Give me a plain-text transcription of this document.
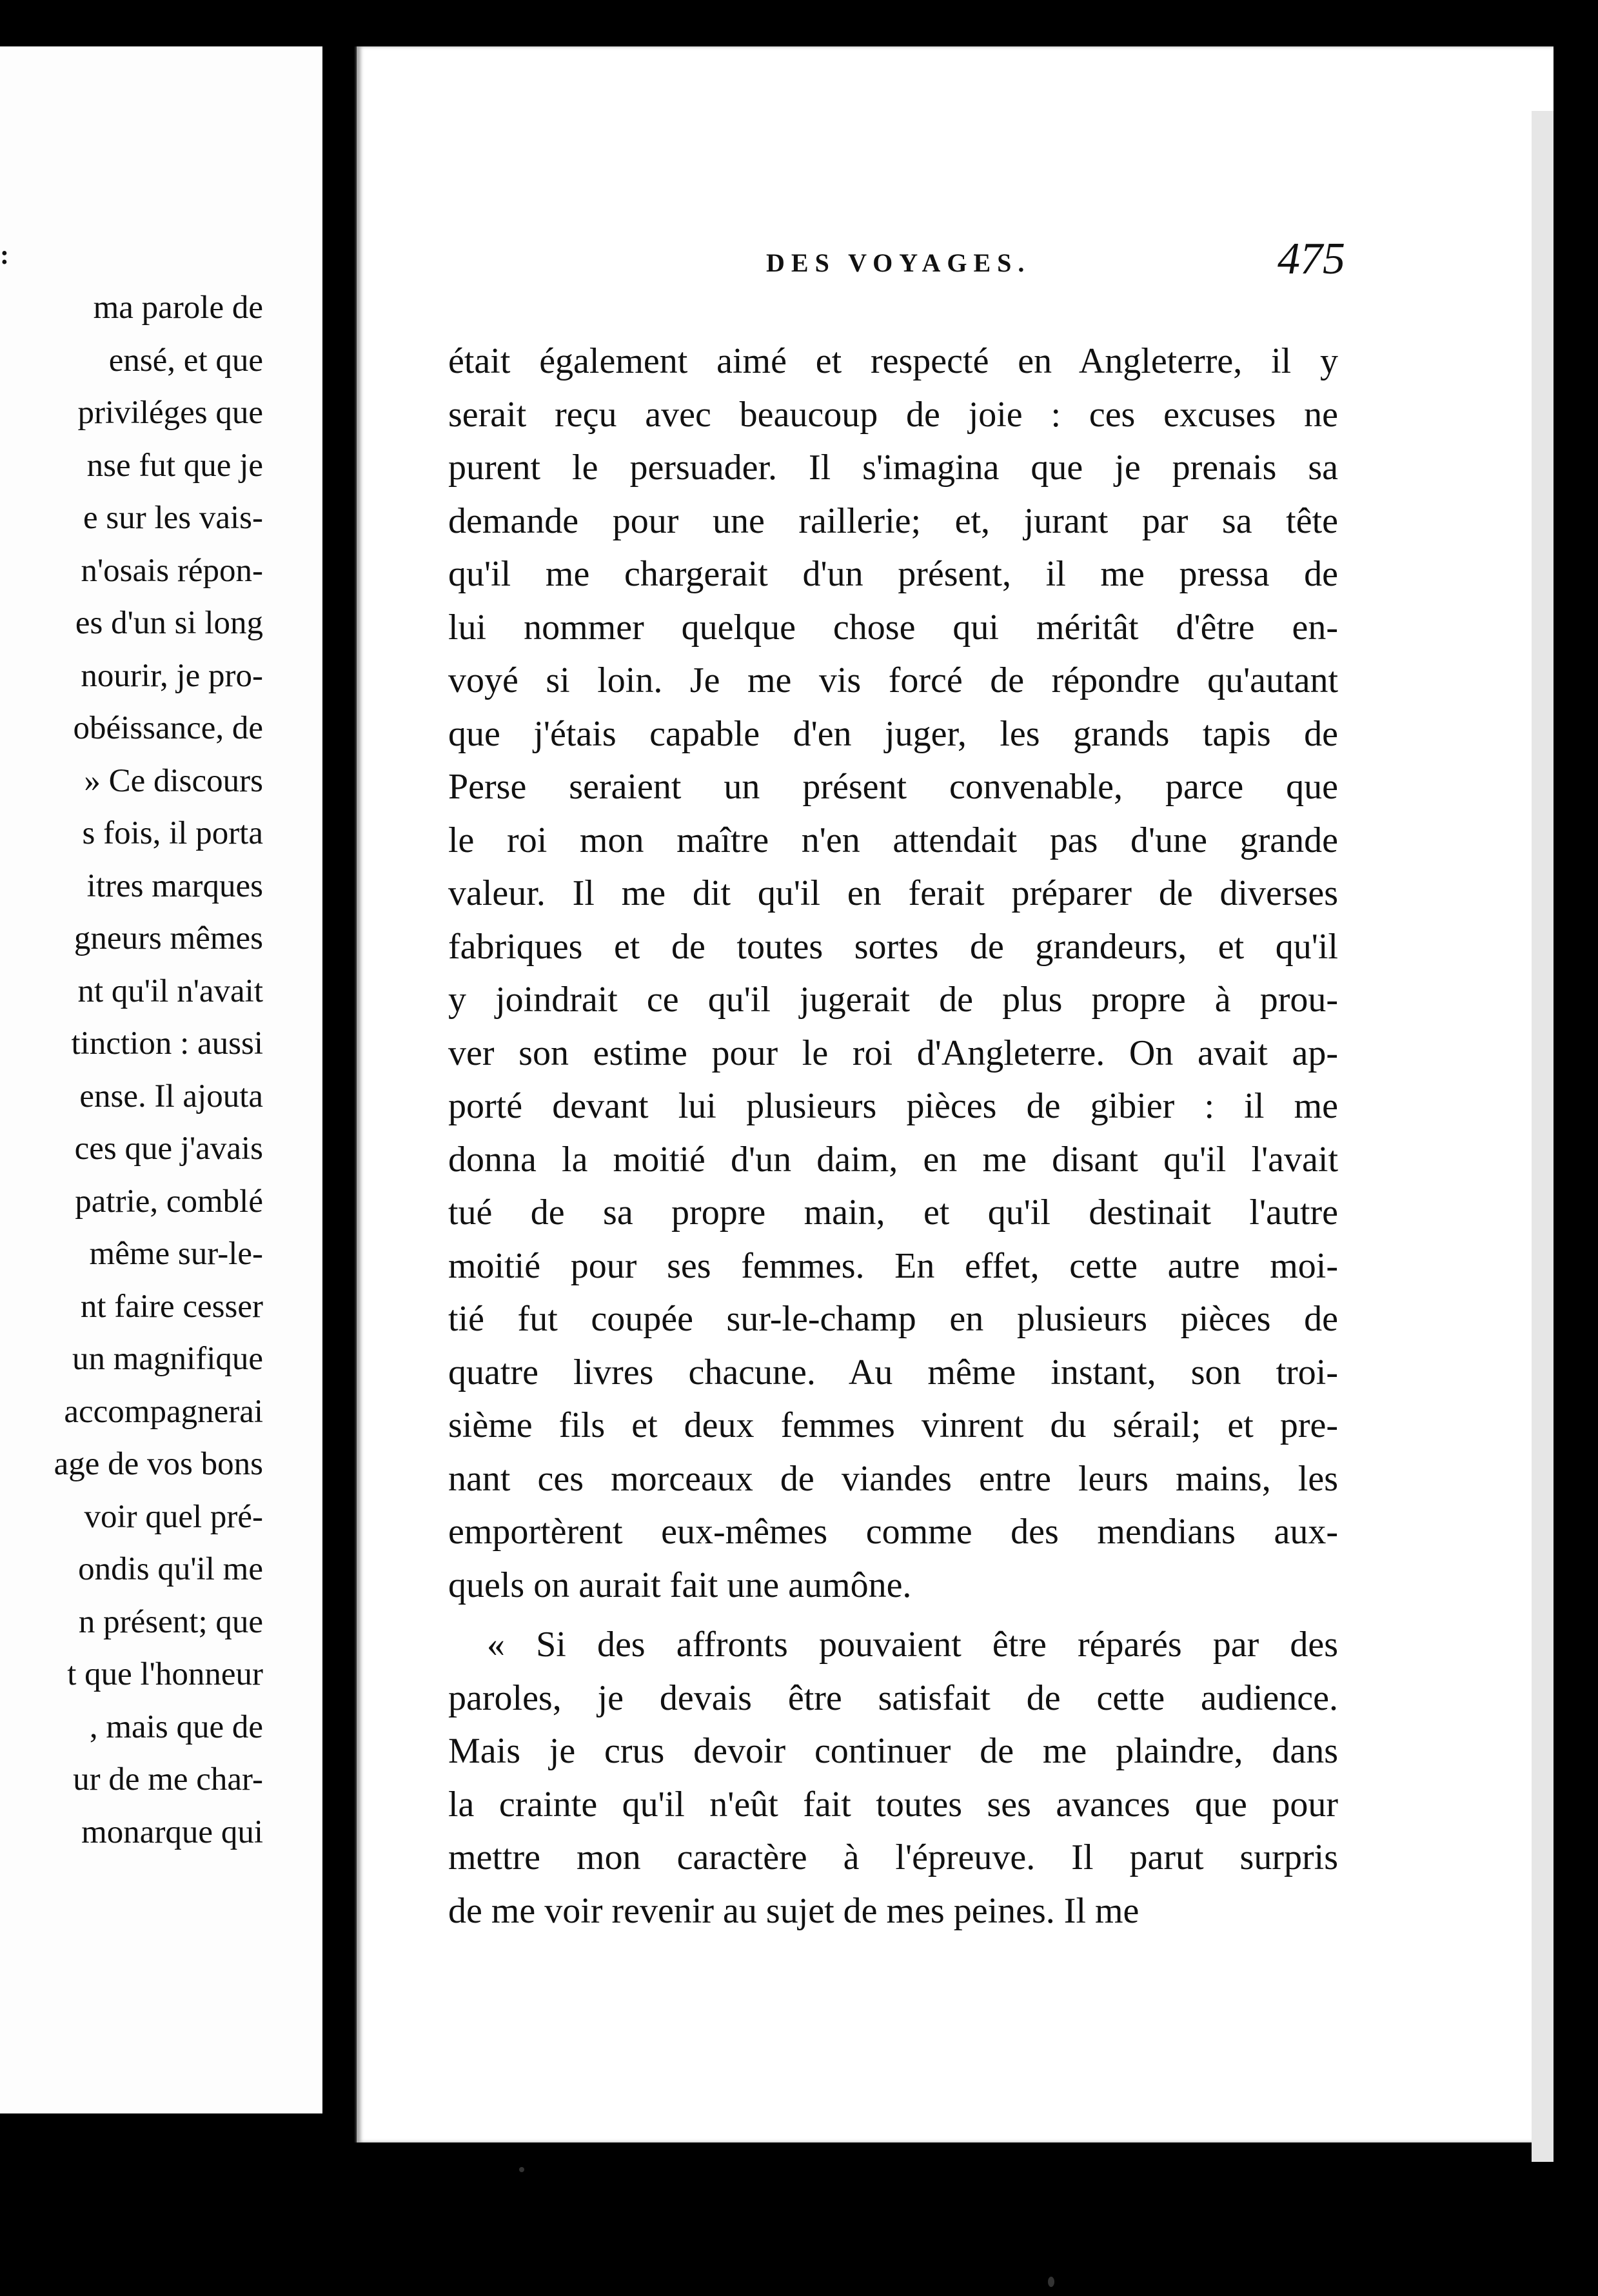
:
ma parole de
ensé, et que
priviléges que
nse fut que je
e sur les vais-
n'osais répon-
es d'un si long
nourir, je pro-
obéissance, de
» Ce discours
s fois, il porta
itres marques
gneurs mêmes
nt qu'il n'avait
tinction : aussi
ense. Il ajouta
ces que j'avais
patrie, comblé
même sur-le-
nt faire cesser
un magnifique
accompagnerai
age de vos bons
voir quel pré-
ondis qu'il me
n présent; que
t que l'honneur
, mais que de
ur de me char-
monarque qui
DES VOYAGES.	475
était également aimé et respecté en Angleterre, il y
serait reçu avec beaucoup de joie : ces excuses ne
purent le persuader. Il s'imagina que je prenais sa
demande pour une raillerie; et, jurant par sa tête
qu'il me chargerait d'un présent, il me pressa de
lui nommer quelque chose qui méritât d'être en-
voyé si loin. Je me vis forcé de répondre qu'autant
que j'étais capable d'en juger, les grands tapis de
Perse seraient un présent convenable, parce que
le roi mon maître n'en attendait pas d'une grande
valeur. Il me dit qu'il en ferait préparer de diverses
fabriques et de toutes sortes de grandeurs, et qu'il
y joindrait ce qu'il jugerait de plus propre à prou-
ver son estime pour le roi d'Angleterre. On avait ap-
porté devant lui plusieurs pièces de gibier : il me
donna la moitié d'un daim, en me disant qu'il l'avait
tué de sa propre main, et qu'il destinait l'autre
moitié pour ses femmes. En effet, cette autre moi-
tié fut coupée sur-le-champ en plusieurs pièces de
quatre livres chacune. Au même instant, son troi-
sième fils et deux femmes vinrent du sérail; et pre-
nant ces morceaux de viandes entre leurs mains, les
emportèrent eux-mêmes comme des mendians aux-
quels on aurait fait une aumône.
« Si des affronts pouvaient être réparés par des
paroles, je devais être satisfait de cette audience.
Mais je crus devoir continuer de me plaindre, dans
la crainte qu'il n'eût fait toutes ses avances que pour
mettre mon caractère à l'épreuve. Il parut surpris
de me voir revenir au sujet de mes peines. Il me
